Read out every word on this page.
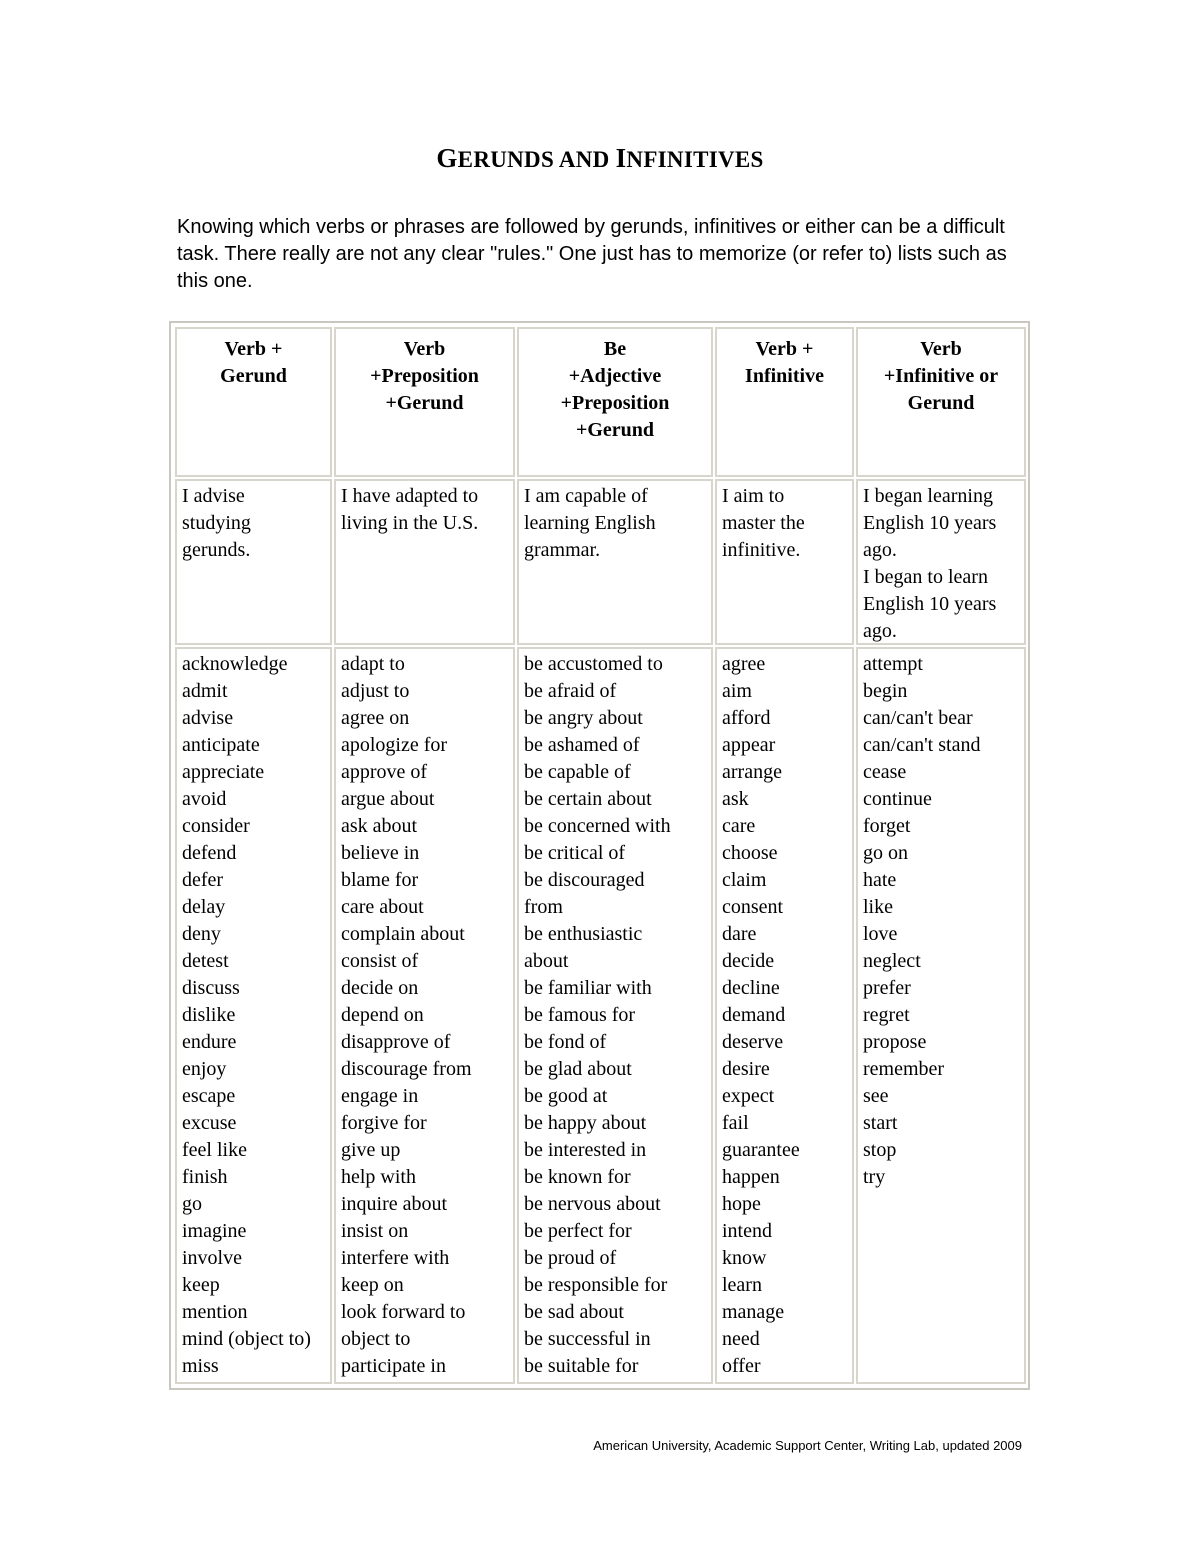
GERUNDS AND INFINITIVES
Knowing which verbs or phrases are followed by gerunds, infinitives or either can be a difficult task. There really are not any clear "rules." One just has to memorize (or refer to) lists such as this one.
Verb +
Gerund
Verb
+Preposition
+Gerund
Be
+Adjective
+Preposition
+Gerund
Verb +
Infinitive
Verb
+Infinitive or
Gerund
I advise
studying
gerunds.
I have adapted to
living in the U.S.
I am capable of
learning English
grammar.
I aim to
master the
infinitive.
I began learning
English 10 years
ago.
I began to learn
English 10 years
ago.
acknowledge
admit
advise
anticipate
appreciate
avoid
consider
defend
defer
delay
deny
detest
discuss
dislike
endure
enjoy
escape
excuse
feel like
finish
go
imagine
involve
keep
mention
mind (object to)
miss
adapt to
adjust to
agree on
apologize for
approve of
argue about
ask about
believe in
blame for
care about
complain about
consist of
decide on
depend on
disapprove of
discourage from
engage in
forgive for
give up
help with
inquire about
insist on
interfere with
keep on
look forward to
object to
participate in
be accustomed to
be afraid of
be angry about
be ashamed of
be capable of
be certain about
be concerned with
be critical of
be discouraged
from
be enthusiastic
about
be familiar with
be famous for
be fond of
be glad about
be good at
be happy about
be interested in
be known for
be nervous about
be perfect for
be proud of
be responsible for
be sad about
be successful in
be suitable for
agree
aim
afford
appear
arrange
ask
care
choose
claim
consent
dare
decide
decline
demand
deserve
desire
expect
fail
guarantee
happen
hope
intend
know
learn
manage
need
offer
attempt
begin
can/can't bear
can/can't stand
cease
continue
forget
go on
hate
like
love
neglect
prefer
regret
propose
remember
see
start
stop
try
American University, Academic Support Center, Writing Lab, updated 2009
